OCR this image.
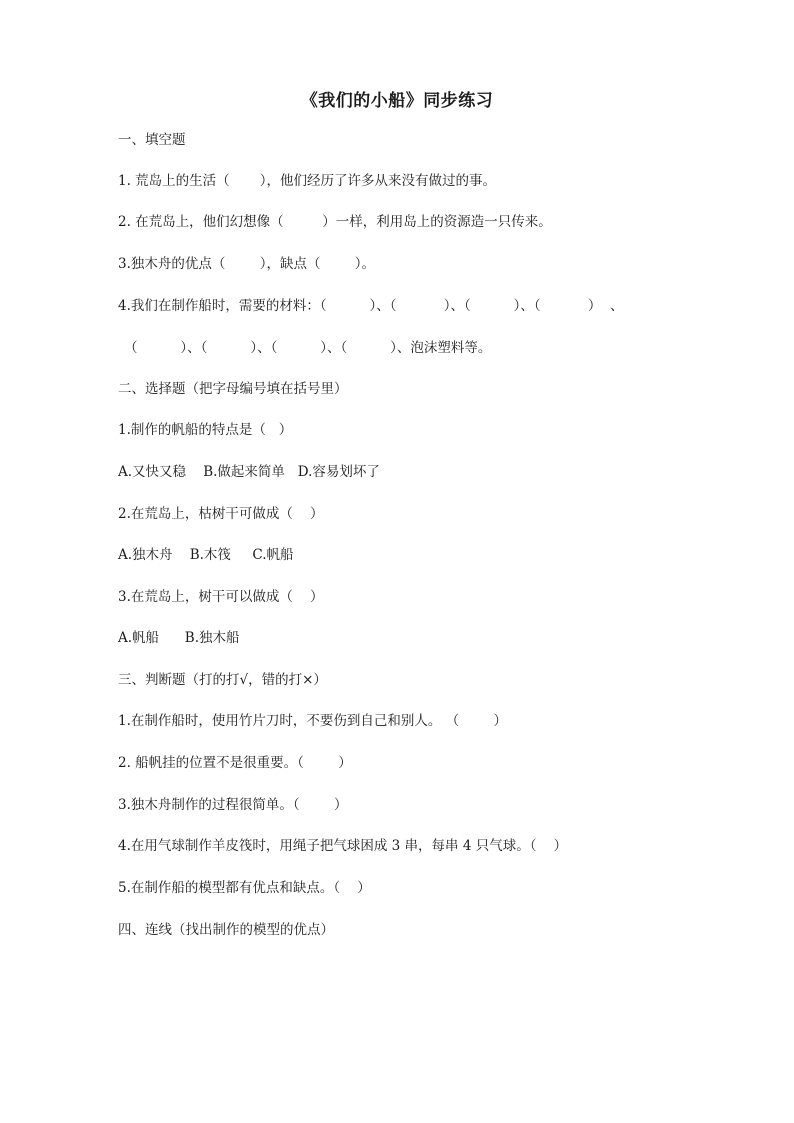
《我们的小船》同步练习
一、填空题
1. 荒岛上的生活（       ），他们经历了许多从来没有做过的事。
2. 在荒岛上，他们幻想像（         ）一样，利用岛上的资源造一只传来。
3.独木舟的优点（        ），缺点（        ）。
4.我们在制作船时，需要的材料：（          ）、（           ）、（          ）、（           ）  、
（          ）、（          ）、（          ）、（          ）、泡沫塑料等。
二、选择题（把字母编号填在括号里）
1.制作的帆船的特点是（   ）
A.又快又稳    B.做起来简单   D.容易划坏了
2.在荒岛上，枯树干可做成（    ）
A.独木舟    B.木筏     C.帆船
3.在荒岛上，树干可以做成（    ）
A.帆船      B.独木船
三、判断题（打的打√，错的打×）
1.在制作船时，使用竹片刀时，不要伤到自己和别人。 （        ）
2. 船帆挂的位置不是很重要。（        ）
3.独木舟制作的过程很简单。（        ）
4.在用气球制作羊皮筏时，用绳子把气球困成 3 串，每串 4 只气球。（    ）
5.在制作船的模型都有优点和缺点。（    ）
四、连线（找出制作的模型的优点）
